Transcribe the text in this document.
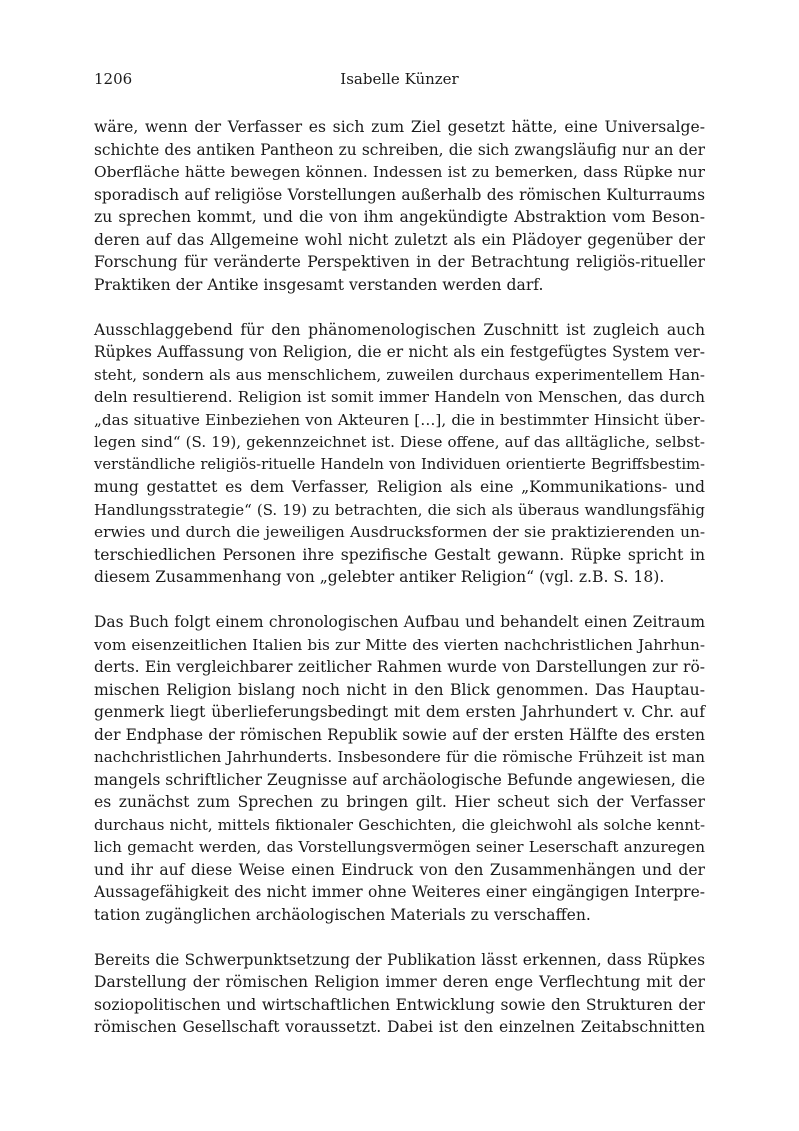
1206	Isabelle Künzer
wäre, wenn der Verfasser es sich zum Ziel gesetzt hätte, eine Universalge-
schichte des antiken Pantheon zu schreiben, die sich zwangsläufig nur an der
Oberfläche hätte bewegen können. Indessen ist zu bemerken, dass Rüpke nur
sporadisch auf religiöse Vorstellungen außerhalb des römischen Kulturraums
zu sprechen kommt, und die von ihm angekündigte Abstraktion vom Beson-
deren auf das Allgemeine wohl nicht zuletzt als ein Plädoyer gegenüber der
Forschung für veränderte Perspektiven in der Betrachtung religiös-ritueller
Praktiken der Antike insgesamt verstanden werden darf.
Ausschlaggebend für den phänomenologischen Zuschnitt ist zugleich auch
Rüpkes Auffassung von Religion, die er nicht als ein festgefügtes System ver-
steht, sondern als aus menschlichem, zuweilen durchaus experimentellem Han-
deln resultierend. Religion ist somit immer Handeln von Menschen, das durch
„das situative Einbeziehen von Akteuren […], die in bestimmter Hinsicht über-
legen sind“ (S. 19), gekennzeichnet ist. Diese offene, auf das alltägliche, selbst-
verständliche religiös-rituelle Handeln von Individuen orientierte Begriffsbestim-
mung gestattet es dem Verfasser, Religion als eine „Kommunikations- und
Handlungsstrategie“ (S. 19) zu betrachten, die sich als überaus wandlungsfähig
erwies und durch die jeweiligen Ausdrucksformen der sie praktizierenden un-
terschiedlichen Personen ihre spezifische Gestalt gewann. Rüpke spricht in
diesem Zusammenhang von „gelebter antiker Religion“ (vgl. z.B. S. 18).
Das Buch folgt einem chronologischen Aufbau und behandelt einen Zeitraum
vom eisenzeitlichen Italien bis zur Mitte des vierten nachchristlichen Jahrhun-
derts. Ein vergleichbarer zeitlicher Rahmen wurde von Darstellungen zur rö-
mischen Religion bislang noch nicht in den Blick genommen. Das Hauptau-
genmerk liegt überlieferungsbedingt mit dem ersten Jahrhundert v. Chr. auf
der Endphase der römischen Republik sowie auf der ersten Hälfte des ersten
nachchristlichen Jahrhunderts. Insbesondere für die römische Frühzeit ist man
mangels schriftlicher Zeugnisse auf archäologische Befunde angewiesen, die
es zunächst zum Sprechen zu bringen gilt. Hier scheut sich der Verfasser
durchaus nicht, mittels fiktionaler Geschichten, die gleichwohl als solche kennt-
lich gemacht werden, das Vorstellungsvermögen seiner Leserschaft anzuregen
und ihr auf diese Weise einen Eindruck von den Zusammenhängen und der
Aussagefähigkeit des nicht immer ohne Weiteres einer eingängigen Interpre-
tation zugänglichen archäologischen Materials zu verschaffen.
Bereits die Schwerpunktsetzung der Publikation lässt erkennen, dass Rüpkes
Darstellung der römischen Religion immer deren enge Verflechtung mit der
soziopolitischen und wirtschaftlichen Entwicklung sowie den Strukturen der
römischen Gesellschaft voraussetzt. Dabei ist den einzelnen Zeitabschnitten
